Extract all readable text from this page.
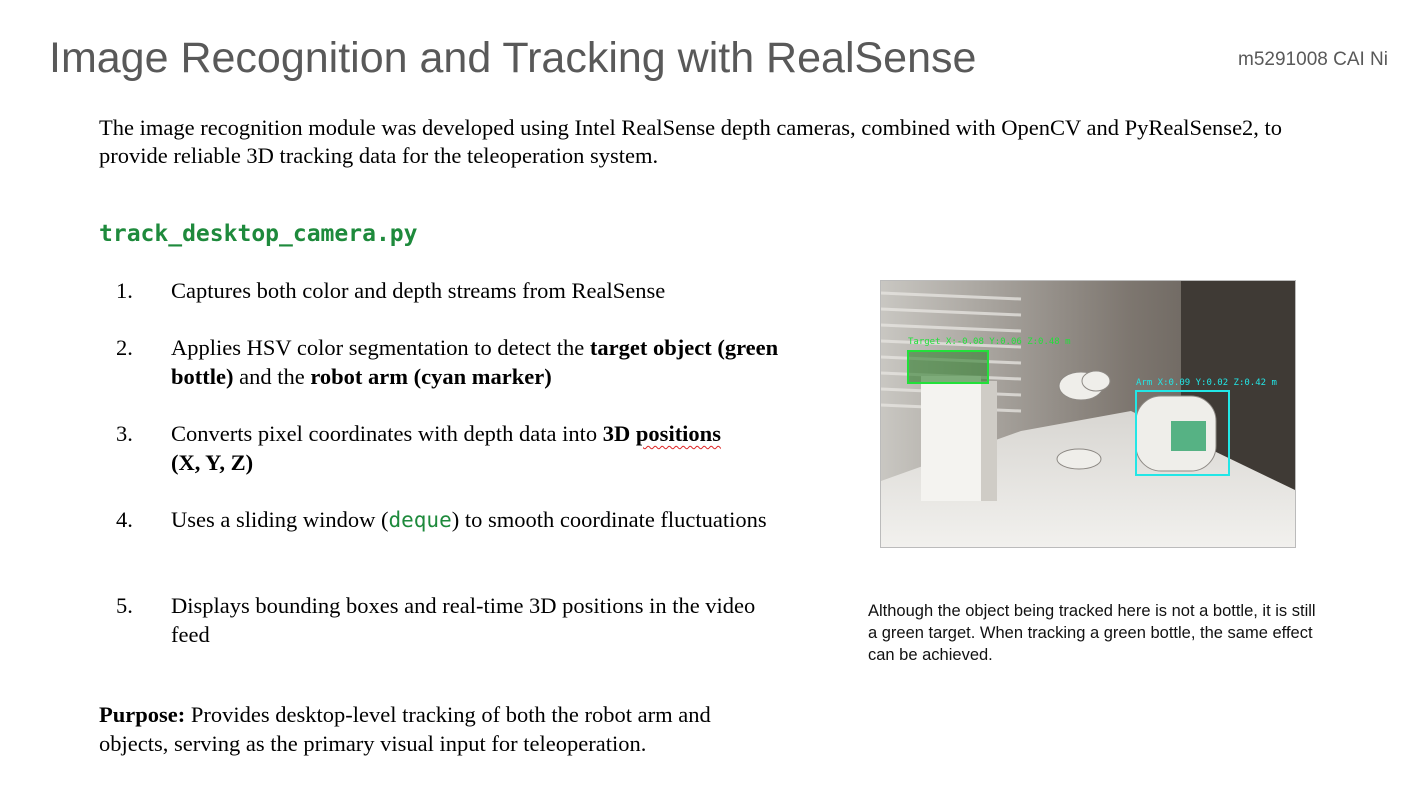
Image Recognition and Tracking with RealSense	m5291008 CAI Ni
The image recognition module was developed using Intel RealSense depth cameras, combined with OpenCV and PyRealSense2, to provide reliable 3D tracking data for the teleoperation system.
track_desktop_camera.py
1. Captures both color and depth streams from RealSense
2. Applies HSV color segmentation to detect the target object (green bottle) and the robot arm (cyan marker)
3. Converts pixel coordinates with depth data into 3D positions
(X, Y, Z)
4. Uses a sliding window (deque) to smooth coordinate fluctuations
5. Displays bounding boxes and real-time 3D positions in the video feed
Purpose: Provides desktop-level tracking of both the robot arm and objects, serving as the primary visual input for teleoperation.
Target X:-0.08 Y:0.06 Z:0.48 m
Arm X:0.09 Y:0.02 Z:0.42 m
Although the object being tracked here is not a bottle, it is still a green target. When tracking a green bottle, the same effect can be achieved.
